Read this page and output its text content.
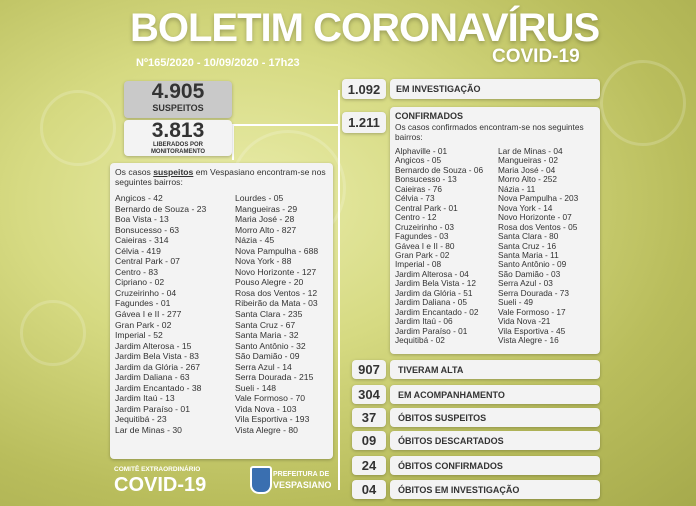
BOLETIM CORONAVÍRUS
COVID-19
Nº165/2020 - 10/09/2020 - 17h23
4.905
SUSPEITOS
3.813
LIBERADOS POR
MONITORAMENTO
Os casos suspeitos em Vespasiano encontram-se nos seguintes bairros:
Angicos - 42
Bernardo de Souza - 23
Boa Vista - 13
Bonsucesso - 63
Caieiras - 314
Célvia - 419
Central Park - 07
Centro - 83
Cipriano - 02
Cruzeirinho - 04
Fagundes - 01
Gávea I e II - 277
Gran Park - 02
Imperial - 52
Jardim Alterosa - 15
Jardim Bela Vista - 83
Jardim da Glória - 267
Jardim Daliana - 63
Jardim Encantado - 38
Jardim Itaú - 13
Jardim Paraíso - 01
Jequitibá - 23
Lar de Minas - 30
Lourdes - 05
Mangueiras - 29
Maria José - 28
Morro Alto - 827
Názia - 45
Nova Pampulha - 688
Nova York - 88
Novo Horizonte - 127
Pouso Alegre - 20
Rosa dos Ventos - 12
Ribeirão da Mata - 03
Santa Clara - 235
Santa Cruz - 67
Santa Maria - 32
Santo Antônio - 32
São Damião - 09
Serra Azul - 14
Serra Dourada - 215
Sueli - 148
Vale Formoso - 70
Vida Nova - 103
Vila Esportiva - 193
Vista Alegre - 80
1.092 EM INVESTIGAÇÃO
1.211 CONFIRMADOS
Os casos confirmados encontram-se nos seguintes bairros:
Alphaville - 01
Angicos - 05
Bernardo de Souza - 06
Bonsucesso - 13
Caieiras - 76
Célvia - 73
Central Park - 01
Centro - 12
Cruzeirinho - 03
Fagundes - 03
Gávea I e II - 80
Gran Park - 02
Imperial - 08
Jardim Alterosa - 04
Jardim Bela Vista - 12
Jardim da Glória - 51
Jardim Daliana - 05
Jardim Encantado - 02
Jardim Itaú - 06
Jardim Paraíso - 01
Jequitibá - 02
Lar de Minas - 04
Mangueiras - 02
Maria José - 04
Morro Alto - 252
Názia - 11
Nova Pampulha - 203
Nova York - 14
Novo Horizonte - 07
Rosa dos Ventos - 05
Santa Clara - 80
Santa Cruz - 16
Santa Maria - 11
Santo Antônio - 09
São Damião - 03
Serra Azul - 03
Serra Dourada - 73
Sueli - 49
Vale Formoso - 17
Vida Nova -21
Vila Esportiva - 45
Vista Alegre - 16
907	TIVERAM ALTA
304	EM ACOMPANHAMENTO
37	ÓBITOS SUSPEITOS
09	ÓBITOS DESCARTADOS
24	ÓBITOS CONFIRMADOS
04	ÓBITOS EM INVESTIGAÇÃO
COMITÊ EXTRAORDINÁRIO
COVID-19	PREFEITURA DE
VESPASIANO
